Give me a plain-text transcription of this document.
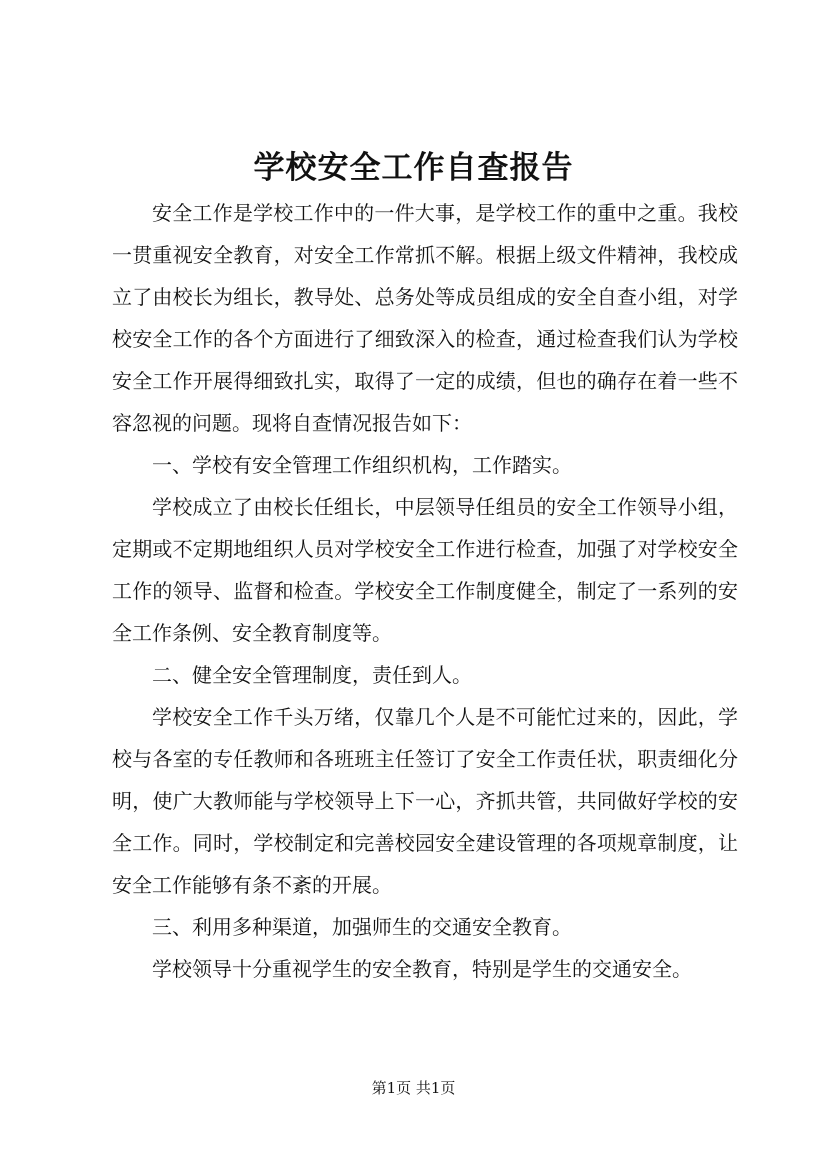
学校安全工作自查报告

安全工作是学校工作中的一件大事，是学校工作的重中之重。我校一贯重视安全教育，对安全工作常抓不解。根据上级文件精神，我校成立了由校长为组长，教导处、总务处等成员组成的安全自查小组，对学校安全工作的各个方面进行了细致深入的检查，通过检查我们认为学校安全工作开展得细致扎实，取得了一定的成绩，但也的确存在着一些不容忽视的问题。现将自查情况报告如下：

一、学校有安全管理工作组织机构，工作踏实。

学校成立了由校长任组长，中层领导任组员的安全工作领导小组，定期或不定期地组织人员对学校安全工作进行检查，加强了对学校安全工作的领导、监督和检查。学校安全工作制度健全，制定了一系列的安全工作条例、安全教育制度等。

二、健全安全管理制度，责任到人。

学校安全工作千头万绪，仅靠几个人是不可能忙过来的，因此，学校与各室的专任教师和各班班主任签订了安全工作责任状，职责细化分明，使广大教师能与学校领导上下一心，齐抓共管，共同做好学校的安全工作。同时，学校制定和完善校园安全建设管理的各项规章制度，让安全工作能够有条不紊的开展。

三、利用多种渠道，加强师生的交通安全教育。

学校领导十分重视学生的安全教育，特别是学生的交通安全。

第1页 共1页
